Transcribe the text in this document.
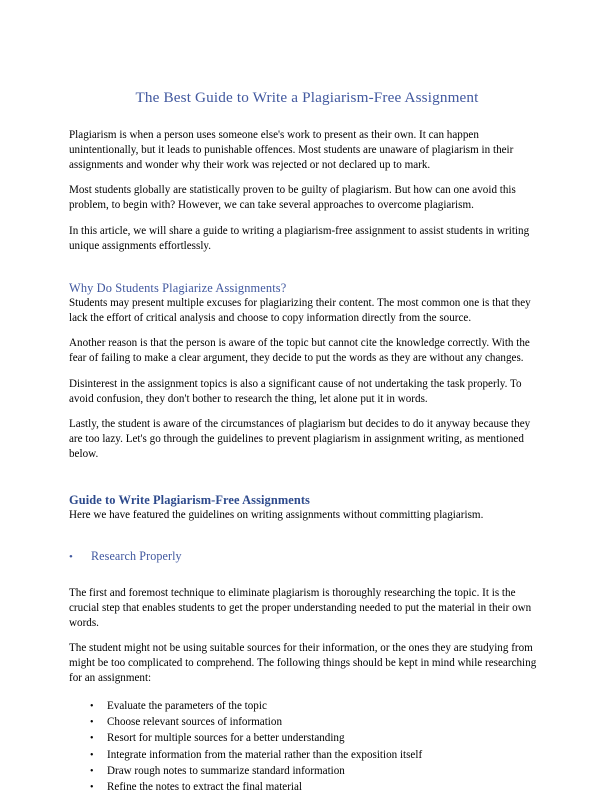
The Best Guide to Write a Plagiarism-Free Assignment

Plagiarism is when a person uses someone else's work to present as their own. It can happen unintentionally, but it leads to punishable offences. Most students are unaware of plagiarism in their assignments and wonder why their work was rejected or not declared up to mark.

Most students globally are statistically proven to be guilty of plagiarism. But how can one avoid this problem, to begin with? However, we can take several approaches to overcome plagiarism.

In this article, we will share a guide to writing a plagiarism-free assignment to assist students in writing unique assignments effortlessly.

Why Do Students Plagiarize Assignments?

Students may present multiple excuses for plagiarizing their content. The most common one is that they lack the effort of critical analysis and choose to copy information directly from the source.

Another reason is that the person is aware of the topic but cannot cite the knowledge correctly. With the fear of failing to make a clear argument, they decide to put the words as they are without any changes.

Disinterest in the assignment topics is also a significant cause of not undertaking the task properly. To avoid confusion, they don't bother to research the thing, let alone put it in words.

Lastly, the student is aware of the circumstances of plagiarism but decides to do it anyway because they are too lazy. Let's go through the guidelines to prevent plagiarism in assignment writing, as mentioned below.

Guide to Write Plagiarism-Free Assignments

Here we have featured the guidelines on writing assignments without committing plagiarism.

•	Research Properly

The first and foremost technique to eliminate plagiarism is thoroughly researching the topic. It is the crucial step that enables students to get the proper understanding needed to put the material in their own words.

The student might not be using suitable sources for their information, or the ones they are studying from might be too complicated to comprehend. The following things should be kept in mind while researching for an assignment:

•	Evaluate the parameters of the topic
•	Choose relevant sources of information
•	Resort for multiple sources for a better understanding
•	Integrate information from the material rather than the exposition itself
•	Draw rough notes to summarize standard information
•	Refine the notes to extract the final material
